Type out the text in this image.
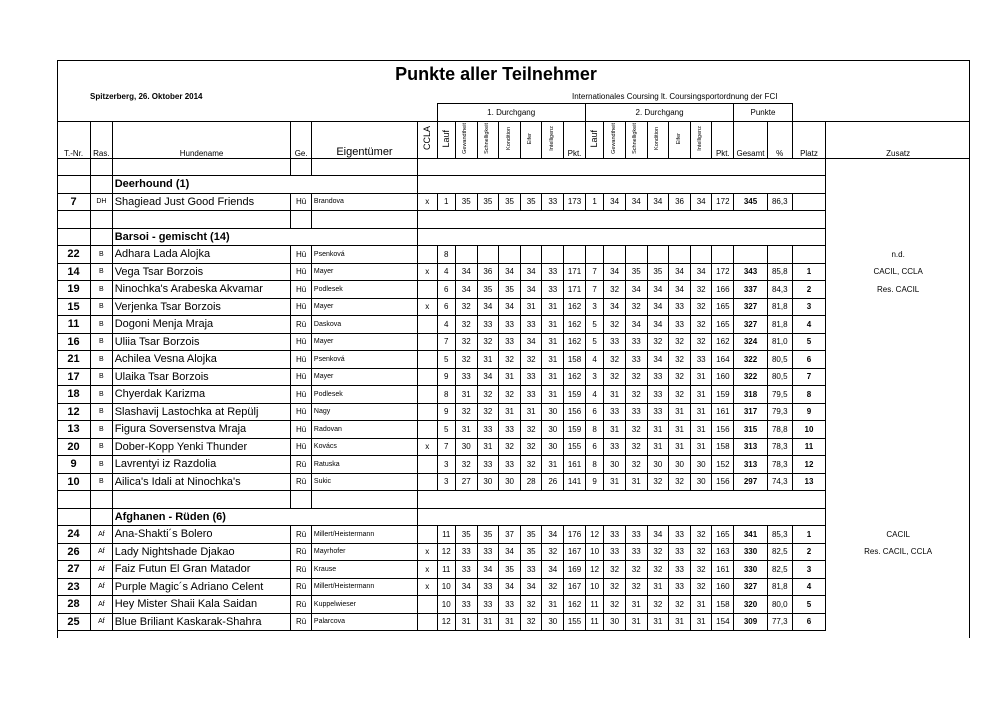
Punkte aller Teilnehmer
Spitzerberg, 26. Oktober 2014	Internationales Coursing lt. Coursingsportordnung der FCI
						1. Durchgang							2. Durchgang							Punkte			
T.-Nr.	Ras.	Hundename	Ge.	Eigentümer	CCLA	Lauf	Gewandtheit	Schnelligkeit	Kondition	Eifer	Intelligenz	Pkt.	Lauf	Gewandtheit	Schnelligkeit	Kondition	Eifer	Intelligenz	Pkt.	Gesamt	%	Platz	Zusatz

		Deerhound (1)																					
7	DH	Shagiead Just Good Friends	Hü	Brandova	x	1	35	35	35	35	33	173	1	34	34	34	36	34	172	345	86,3		

		Barsoi - gemischt (14)																					
22	B	Adhara Lada Alojka	Hü	Psenková		8																	n.d.
14	B	Vega Tsar Borzois	Hü	Mayer	x	4	34	36	34	34	33	171	7	34	35	35	34	34	172	343	85,8	1	CACIL, CCLA
19	B	Ninochka's Arabeska Akvamar	Hü	Podlesek		6	34	35	35	34	33	171	7	32	34	34	34	32	166	337	84,3	2	Res. CACIL
15	B	Verjenka Tsar Borzois	Hü	Mayer	x	6	32	34	34	31	31	162	3	34	32	34	33	32	165	327	81,8	3	
11	B	Dogoni Menja Mraja	Rü	Daskova		4	32	33	33	33	31	162	5	32	34	34	33	32	165	327	81,8	4	
16	B	Uliia Tsar Borzois	Hü	Mayer		7	32	32	33	34	31	162	5	33	33	32	32	32	162	324	81,0	5	
21	B	Achilea Vesna Alojka	Hü	Psenková		5	32	31	32	32	31	158	4	32	33	34	32	33	164	322	80,5	6	
17	B	Ulaika Tsar Borzois	Hü	Mayer		9	33	34	31	33	31	162	3	32	32	33	32	31	160	322	80,5	7	
18	B	Chyerdak Karizma	Hü	Podlesek		8	31	32	32	33	31	159	4	31	32	33	32	31	159	318	79,5	8	
12	B	Slashavij Lastochka at Repülj	Hü	Nagy		9	32	32	31	31	30	156	6	33	33	33	31	31	161	317	79,3	9	
13	B	Figura Soversenstva Mraja	Hü	Radovan		5	31	33	33	32	30	159	8	31	32	31	31	31	156	315	78,8	10	
20	B	Dober-Kopp Yenki Thunder	Hü	Kovács	x	7	30	31	32	32	30	155	6	33	32	31	31	31	158	313	78,3	11	
9	B	Lavrentyi iz Razdolia	Rü	Ratuska		3	32	33	33	32	31	161	8	30	32	30	30	30	152	313	78,3	12	
10	B	Ailica's Idali at Ninochka's	Rü	Sukic		3	27	30	30	28	26	141	9	31	31	32	32	30	156	297	74,3	13	

		Afghanen - Rüden (6)																					
24	Af	Ana-Shakti´s Bolero	Rü	Millert/Heistermann		11	35	35	37	35	34	176	12	33	33	34	33	32	165	341	85,3	1	CACIL
26	Af	Lady Nightshade Djakao	Rü	Mayrhofer	x	12	33	33	34	35	32	167	10	33	33	32	33	32	163	330	82,5	2	Res. CACIL, CCLA
27	Af	Faiz Futun El Gran Matador	Rü	Krause	x	11	33	34	35	33	34	169	12	32	32	32	33	32	161	330	82,5	3	
23	Af	Purple Magic´s Adriano Celent	Rü	Millert/Heistermann	x	10	34	33	34	34	32	167	10	32	32	31	33	32	160	327	81,8	4	
28	Af	Hey Mister Shaii Kala Saidan	Rü	Kuppelwieser		10	33	33	33	32	31	162	11	32	31	32	32	31	158	320	80,0	5	
25	Af	Blue Briliant Kaskarak-Shahra	Rü	Palarcova		12	31	31	31	32	30	155	11	30	31	31	31	31	154	309	77,3	6	
